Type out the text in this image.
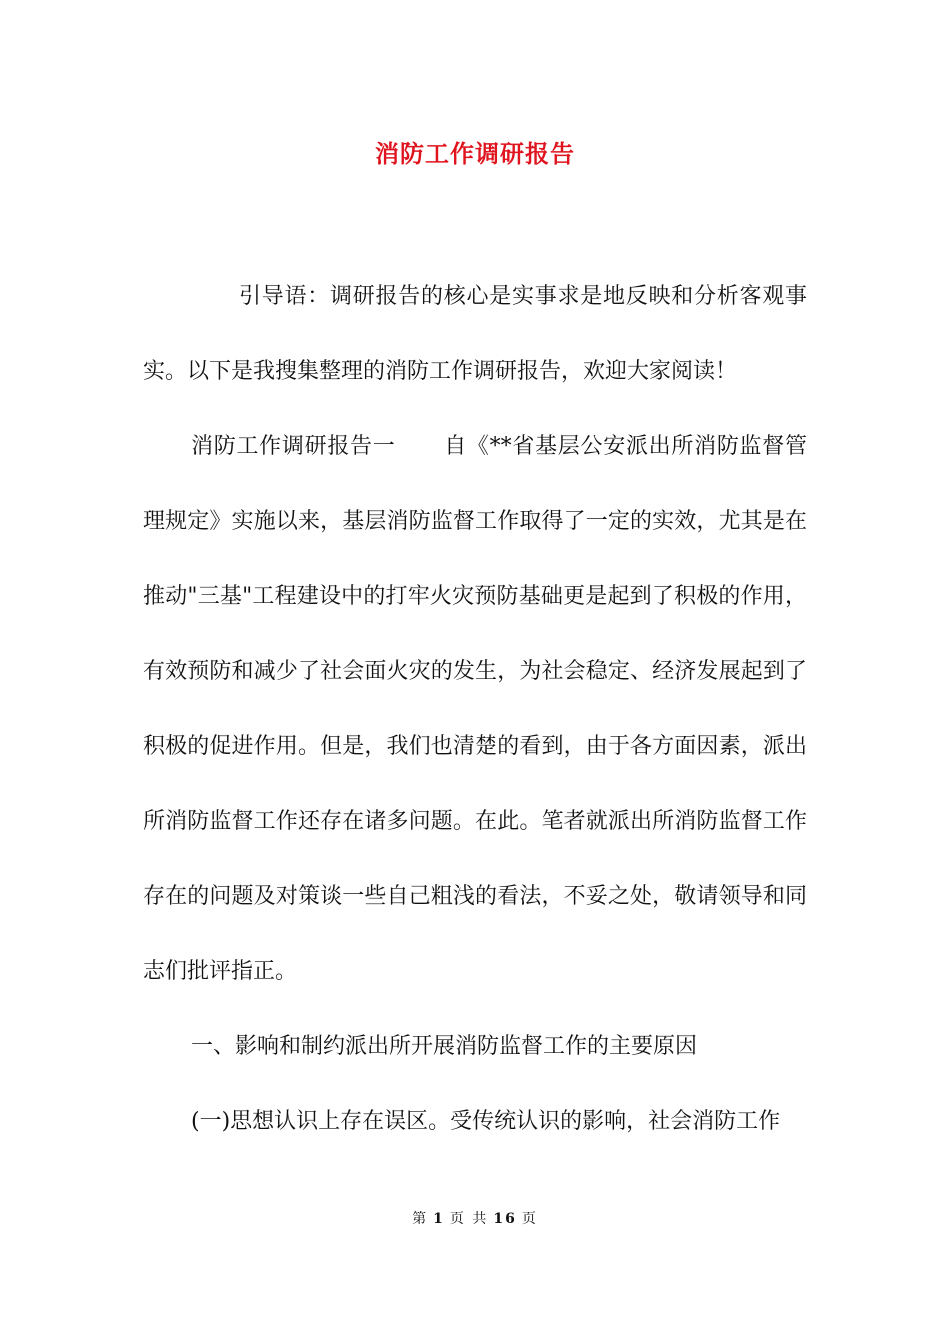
消防工作调研报告
引导语：调研报告的核心是实事求是地反映和分析客观事实。以下是我搜集整理的消防工作调研报告，欢迎大家阅读！
消防工作调研报告一 自《**省基层公安派出所消防监督管理规定》实施以来，基层消防监督工作取得了一定的实效，尤其是在推动"三基"工程建设中的打牢火灾预防基础更是起到了积极的作用，有效预防和减少了社会面火灾的发生，为社会稳定、经济发展起到了积极的促进作用。但是，我们也清楚的看到，由于各方面因素，派出所消防监督工作还存在诸多问题。在此。笔者就派出所消防监督工作存在的问题及对策谈一些自己粗浅的看法，不妥之处，敬请领导和同志们批评指正。
一、影响和制约派出所开展消防监督工作的主要原因
(一)思想认识上存在误区。受传统认识的影响，社会消防工作
第 1 页 共 16 页
